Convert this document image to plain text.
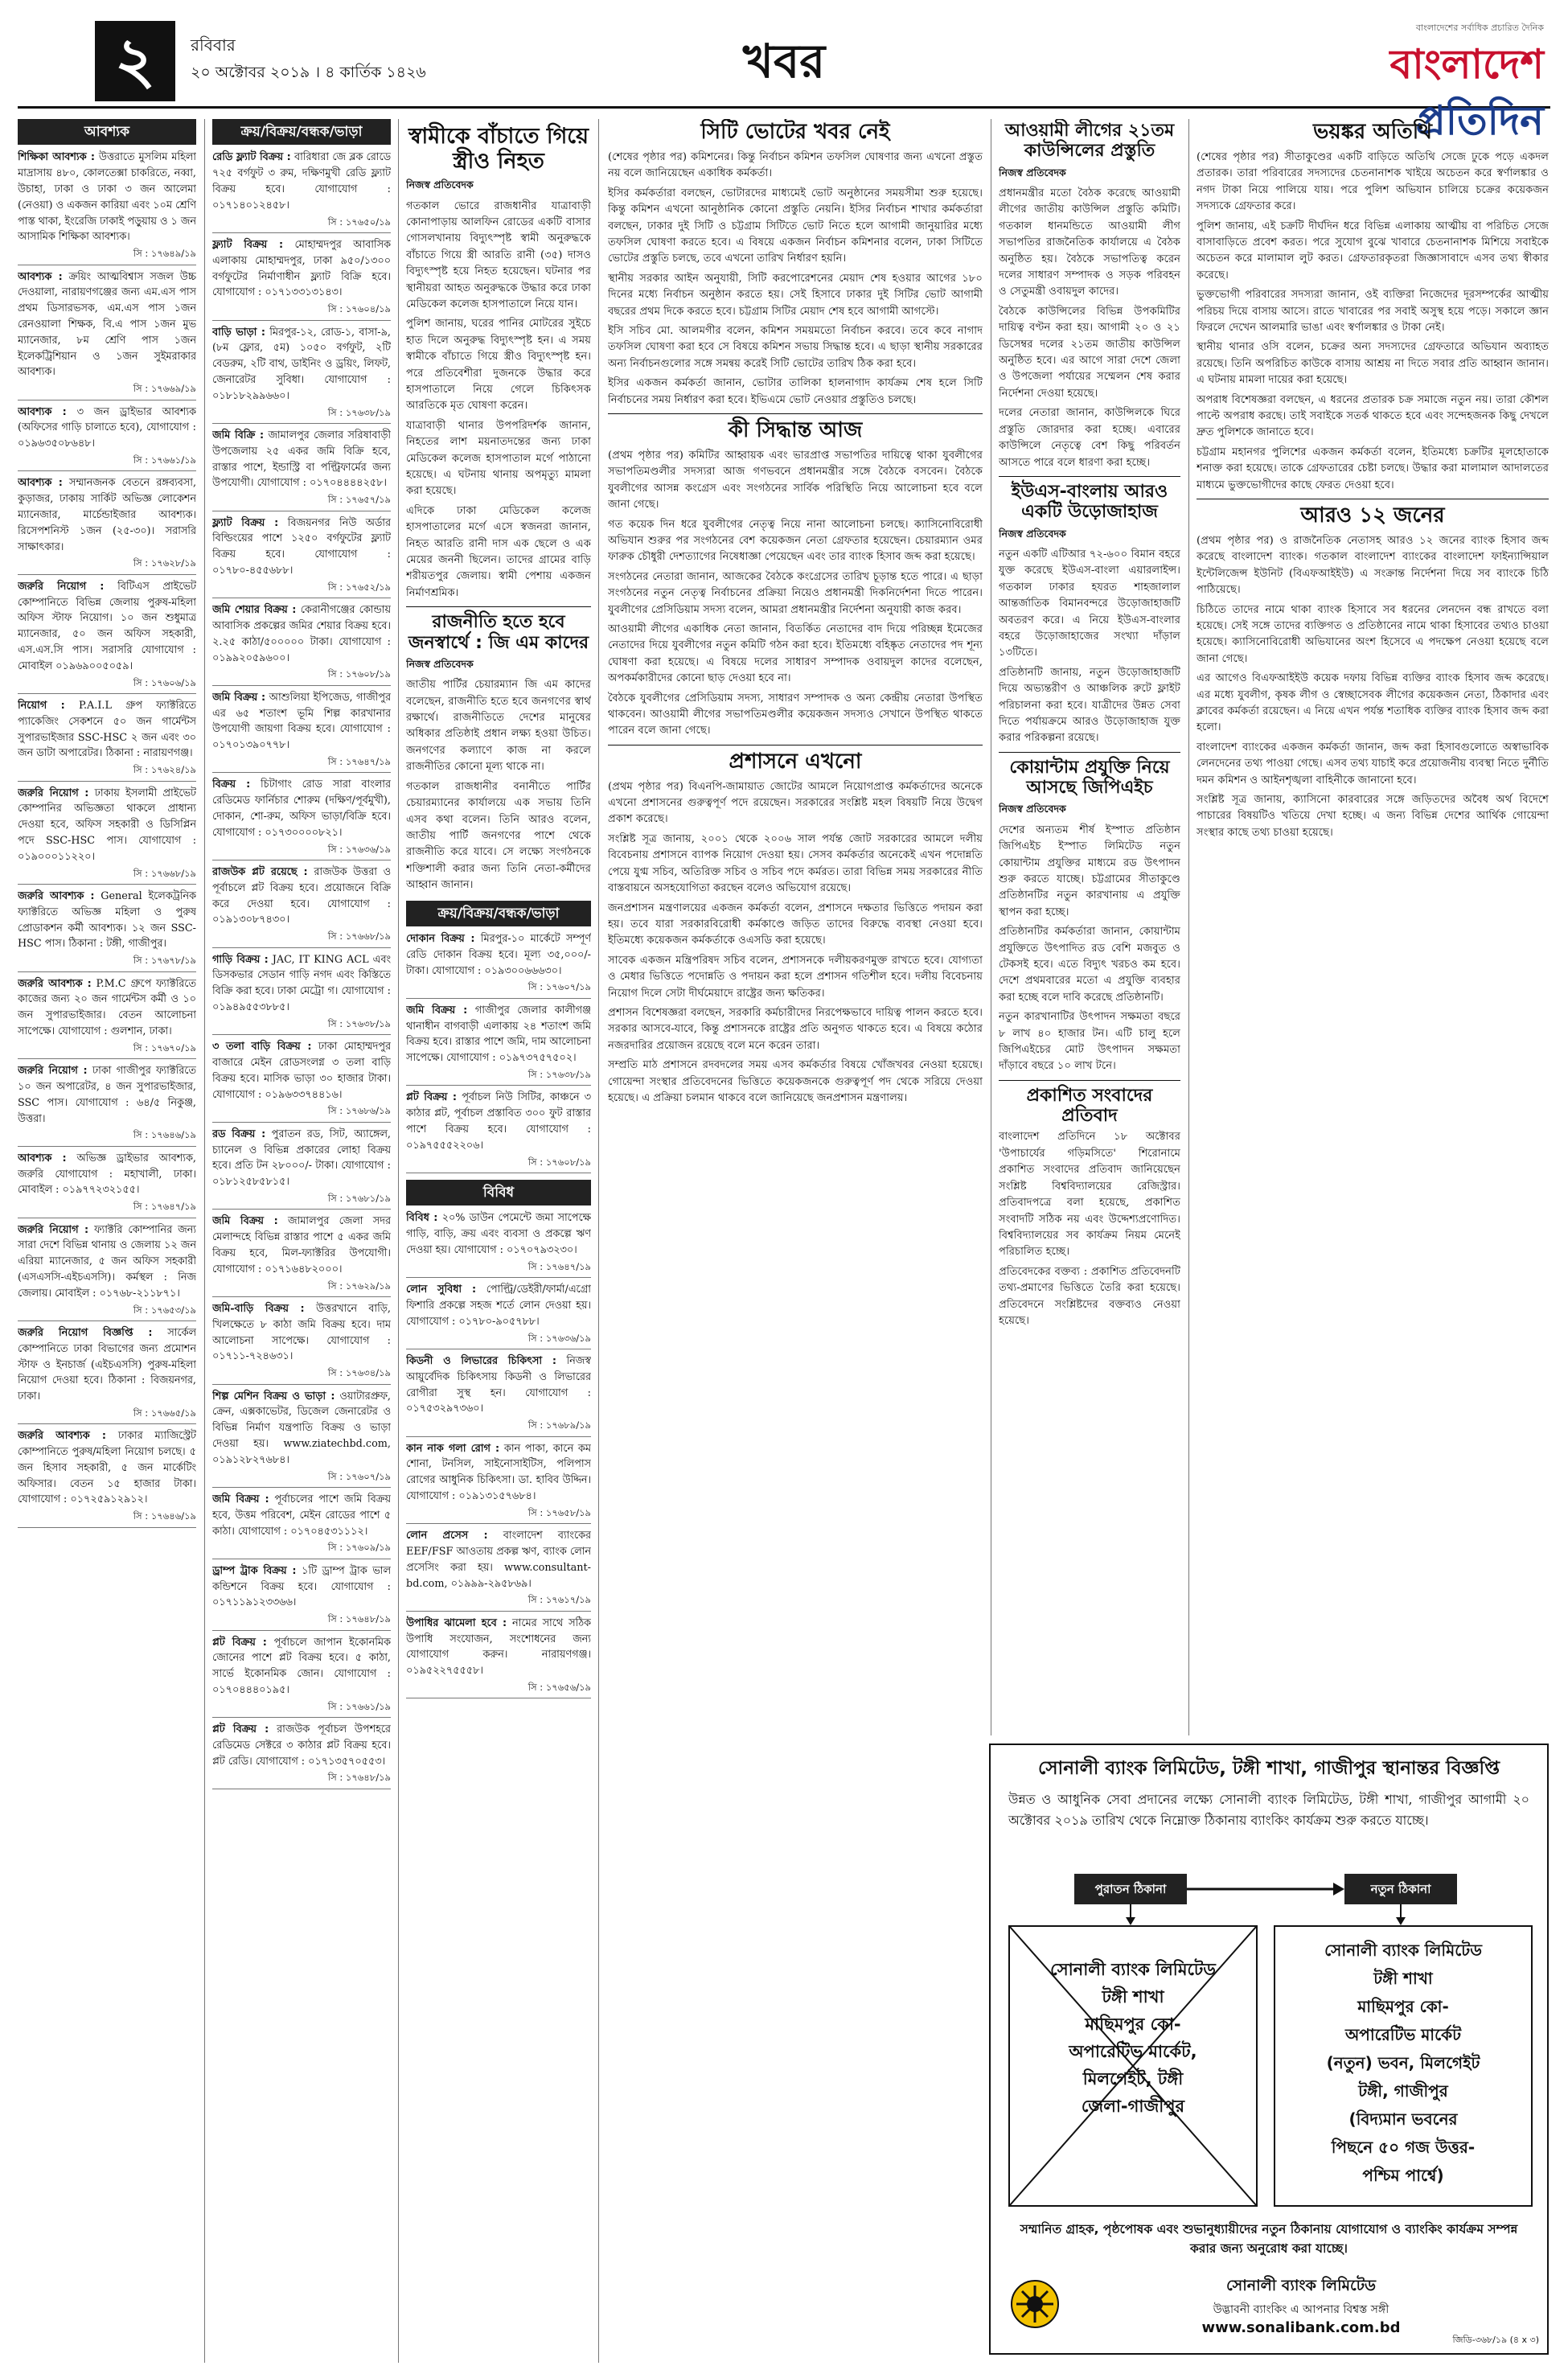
২	রবিবার
২০ অক্টোবর ২০১৯ । ৪ কার্তিক ১৪২৬	খবর
বাংলাদেশের সর্বাধিক প্রচারিত দৈনিক
বাংলাদেশ প্রতিদিন
আবশ্যক
শিক্ষিকা আবশ্যক : উত্তরাতে মুসলিম মহিলা মাদ্রাসায় ৪৮০, কোলতেক্সা চাকরিতে, নব্বা, উচাহা, ঢাকা ও ঢাকা ৩ জন আলেমা (নেওয়া) ও একজন কারিয়া এবং ১০ম শ্রেণি পাস্ত থাকা, ইংরেজি ঢাকাই পড়ুয়ায় ও ১ জন আসামিক শিক্ষিকা আবশ্যক।
সি : ১৭৬৪৯/১৯
আবশ্যক : ক্রয়িং আত্মবিশ্বাস সজল উচ্চ দেওয়ালা, নারায়ণগঞ্জের জন্য এম.এস পাস প্রথম ডিসারভসক, এম.এস পাস ১জন রেনওয়ালা শিক্ষক, বি.এ পাস ১জন মুভ ম্যানেজার, ৮ম শ্রেণি পাস ১জন ইলেকট্রিশিয়ান ও ১জন সুইমরাকার আবশ্যক।
সি : ১৭৬৬৯/১৯
আবশ্যক : ৩ জন ড্রাইভার আবশ্যক (অফিসের গাড়ি চালাতে হবে), যোগাযোগ : ০১৯৬৩৫০৮৬৪৮।
সি : ১৭৬৬১/১৯
আবশ্যক : সম্মানজনক বেতনে রঙ্গব্যবসা, কুড়াজর, ঢাকায় সার্কিট অভিজ্ঞ লোকেশন ম্যানেজার, মার্চেন্ডাইজার আবশ্যক। রিসেপশনিস্ট ১জন (২৫-৩০)। সরাসরি সাক্ষাৎকার।
সি : ১৭৬২৮/১৯
জরুরি নিয়োগ : বিটিএস প্রাইভেট কোম্পানিতে বিভিন্ন জেলায় পুরুষ-মহিলা অফিস স্টাফ নিয়োগ। ১০ জন শুধুমাত্র ম্যানেজার, ৫০ জন অফিস সহকারী, এস.এস.সি পাস। সরাসরি যোগাযোগ : মোবাইল ০১৯৬৯০০৫০৫৯।
সি : ১৭৬০৬/১৯
নিয়োগ : P.A.I.L গ্রুপ ফ্যাক্টরিতে প্যাকেজিং সেকশনে ৫০ জন গার্মেন্টস সুপারভাইজার SSC-HSC ২ জন এবং ৩০ জন ডাটা অপারেটর। ঠিকানা : নারায়ণগঞ্জ।
সি : ১৭৬২৪/১৯
জরুরি নিয়োগ : ঢাকায় ইসলামী প্রাইভেট কোম্পানির অভিজ্ঞতা থাকলে প্রাধান্য দেওয়া হবে, অফিস সহকারী ও ডিসিপ্লিন পদে SSC-HSC পাস। যোগাযোগ : ০১৯০০০১১২২০।
সি : ১৭৬৬৮/১৯
জরুরি আবশ্যক : General ইলেকট্রনিক ফ্যাক্টরিতে অভিজ্ঞ মহিলা ও পুরুষ প্রোডাকশন কর্মী আবশ্যক। ১২ জন SSC-HSC পাস। ঠিকানা : টঙ্গী, গাজীপুর।
সি : ১৭৬৭৮/১৯
জরুরি আবশ্যক : P.M.C গ্রুপে ফ্যাক্টরিতে কাজের জন্য ২০ জন গার্মেন্টস কর্মী ও ১০ জন সুপারভাইজার। বেতন আলোচনা সাপেক্ষে। যোগাযোগ : গুলশান, ঢাকা।
সি : ১৭৬৭০/১৯
জরুরি নিয়োগ : ঢাকা গাজীপুর ফ্যাক্টরিতে ১০ জন অপারেটর, ৪ জন সুপারভাইজার, SSC পাস। যোগাযোগ : ৬৪/৫ নিকুঞ্জ, উত্তরা।
সি : ১৭৬৪৬/১৯
আবশ্যক : অভিজ্ঞ ড্রাইভার আবশ্যক, জরুরি যোগাযোগ : মহাখালী, ঢাকা। মোবাইল : ০১৯৭৭২৩২১৫৫।
সি : ১৭৬৪৭/১৯
জরুরি নিয়োগ : ফ্যাক্টরি কোম্পানির জন্য সারা দেশে বিভিন্ন থানায় ও জেলায় ১২ জন এরিয়া ম্যানেজার, ৫ জন অফিস সহকারী (এসএসসি-এইচএসসি)। কর্মস্থল : নিজ জেলায়। মোবাইল : ০১৭৬৮-২১১৮৭১।
সি : ১৭৬৫৩/১৯
জরুরি নিয়োগ বিজ্ঞপ্তি : সার্কেল কোম্পানিতে ঢাকা বিভাগের জন্য প্রমোশন স্টাফ ও ইনচার্জ (এইচএসসি) পুরুষ-মহিলা নিয়োগ দেওয়া হবে। ঠিকানা : বিজয়নগর, ঢাকা।
সি : ১৭৬৬৫/১৯
জরুরি আবশ্যক : ঢাকার ম্যাজিস্ট্রেট কোম্পানিতে পুরুষ/মহিলা নিয়োগ চলছে। ৫ জন হিসাব সহকারী, ৫ জন মার্কেটিং অফিসার। বেতন ১৫ হাজার টাকা। যোগাযোগ : ০১৭২৫৯১২৯১২।
সি : ১৭৬৪৬/১৯
ক্রয়/বিক্রয়/বন্ধক/ভাড়া
রেডি ফ্ল্যাট বিক্রয় : বারিধারা জে ব্লক রোডে ৭২৫ বর্গফুট ৩ রুম, দক্ষিণমুখী রেডি ফ্ল্যাট বিক্রয় হবে। যোগাযোগ : ০১৭১৪০১২৪৫৮।
সি : ১৭৬৫০/১৯
ফ্ল্যাট বিক্রয় : মোহাম্মদপুর আবাসিক এলাকায় মোহাম্মদপুর, ঢাকা ৯৫০/১৩০০ বর্গফুটের নির্মাণাধীন ফ্ল্যাট বিক্রি হবে। যোগাযোগ : ০১৭১৩৩১৩১৪৩।
সি : ১৭৬০৪/১৯
বাড়ি ভাড়া : মিরপুর-১২, রোড-১, বাসা-৯, (৮ম ফ্লোর, ৫ম) ১০৫০ বর্গফুট, ২টি বেডরুম, ২টি বাথ, ডাইনিং ও ড্রয়িং, লিফট, জেনারেটর সুবিধা। যোগাযোগ : ০১৮১৮২৯৯৬৬০।
সি : ১৭৬৩৮/১৯
জমি বিক্রি : জামালপুর জেলার সরিষাবাড়ী উপজেলায় ২৫ একর জমি বিক্রি হবে, রাস্তার পাশে, ইন্ডাস্ট্রি বা পল্ট্রিফার্মের জন্য উপযোগী। যোগাযোগ : ০১৭০৪৪৪৪২৫৮।
সি : ১৭৬৫৭/১৯
ফ্ল্যাট বিক্রয় : বিজয়নগর নিউ অর্ডার বিল্ডিংয়ের পাশে ১২৫০ বর্গফুটের ফ্ল্যাট বিক্রয় হবে। যোগাযোগ : ০১৭৮০-৪৫৫৬৮৮।
সি : ১৭৬৫২/১৯
জমি শেয়ার বিক্রয় : কেরানীগঞ্জের কোন্ডায় আবাসিক প্রকল্পের জমির শেয়ার বিক্রয় হবে। ২.২৫ কাঠা/৫০০০০০ টাকা। যোগাযোগ : ০১৯৯২০৫৯৬০০।
সি : ১৭৬০৮/১৯
জমি বিক্রয় : আশুলিয়া ইপিজেড, গাজীপুর এর ৬৫ শতাংশ ভূমি শিল্প কারখানার উপযোগী জায়গা বিক্রয় হবে। যোগাযোগ : ০১৭০১৩৯০৭৭৮।
সি : ১৭৬৪৭/১৯
বিক্রয় : চিটাগাং রোড সারা বাংলার রেডিমেড ফার্নিচার শোরুম (দক্ষিণ/পূর্বমুখী), দোকান, শো-রুম, অফিস ভাড়া/বিক্রি হবে। যোগাযোগ : ০১৭৩০০০০৮২১।
সি : ১৭৬৩৬/১৯
রাজউক প্লট রয়েছে : রাজউক উত্তরা ও পূর্বাচলে প্লট বিক্রয় হবে। প্রয়োজনে বিক্রি করে দেওয়া হবে। যোগাযোগ : ০১৯১৩০৮৭৪৩০।
সি : ১৭৬৬৮/১৯
গাড়ি বিক্রয় : JAC, IT KING ACL এবং ডিসকভার সেডান গাড়ি নগদ এবং কিস্তিতে বিক্রি করা হবে। ঢাকা মেট্রো গ। যোগাযোগ : ০১৯৪৯৫৫৩৮৮৫।
সি : ১৭৬৩৮/১৯
৩ তলা বাড়ি বিক্রয় : ঢাকা মোহাম্মদপুর বাজারে মেইন রোডসংলগ্ন ৩ তলা বাড়ি বিক্রয় হবে। মাসিক ভাড়া ৩০ হাজার টাকা। যোগাযোগ : ০১৯৬৩৩৭৪৪১৬।
সি : ১৭৬৮৬/১৯
রড বিক্রয় : পুরাতন রড, সিট, অ্যাঙ্গেল, চ্যানেল ও বিভিন্ন প্রকারের লোহা বিক্রয় হবে। প্রতি টন ২৮০০০/- টাকা। যোগাযোগ : ০১৮১২৫৮৫৮১৫।
সি : ১৭৬৮১/১৯
জমি বিক্রয় : জামালপুর জেলা সদর মেলান্দহে বিভিন্ন রাস্তার পাশে ৫ একর জমি বিক্রয় হবে, মিল-ফ্যাক্টরির উপযোগী। যোগাযোগ : ০১৭১৬৪৮২০০০।
সি : ১৭৬২৯/১৯
জমি-বাড়ি বিক্রয় : উত্তরখানে বাড়ি, খিলক্ষেতে ৮ কাঠা জমি বিক্রয় হবে। দাম আলোচনা সাপেক্ষে। যোগাযোগ : ০১৭১১-৭২৪৬৩১।
সি : ১৭৬৩৪/১৯
শিল্প মেশিন বিক্রয় ও ভাড়া : ওয়াটারপ্রুফ, ক্রেন, এক্সকাভেটর, ডিজেল জেনারেটর ও বিভিন্ন নির্মাণ যন্ত্রপাতি বিক্রয় ও ভাড়া দেওয়া হয়। www.ziatechbd.com, ০১৯১২৮২৭৬৮৪।
সি : ১৭৬০৭/১৯
জমি বিক্রয় : পূর্বাচলের পাশে জমি বিক্রয় হবে, উত্তম পরিবেশ, মেইন রোডের পাশে ৫ কাঠা। যোগাযোগ : ০১৭০৪৫৩১১১২।
সি : ১৭৬০৯/১৯
ড্রাম্প ট্রাক বিক্রয় : ১টি ড্রাম্প ট্রাক ভাল কন্ডিশনে বিক্রয় হবে। যোগাযোগ : ০১৭১১৯১২৩৩৬৬।
সি : ১৭৬৪৮/১৯
প্লট বিক্রয় : পূর্বাচলে জাপান ইকোনমিক জোনের পাশে প্লট বিক্রয় হবে। ৫ কাঠা, সার্ভে ইকোনমিক জোন। যোগাযোগ : ০১৭০৪৪৪০১৯৫।
সি : ১৭৬৬১/১৯
প্লট বিক্রয় : রাজউক পূর্বাচল উপশহরে রেডিমেড সেক্টরে ৩ কাঠার প্লট বিক্রয় হবে। প্লট রেডি। যোগাযোগ : ০১৭১৩৫৭০৫৫৩।
সি : ১৭৬৪৮/১৯
স্বামীকে বাঁচাতে গিয়ে স্ত্রীও নিহত
নিজস্ব প্রতিবেদক

গতকাল ভোরে রাজধানীর যাত্রাবাড়ী কোনাপাড়ায় আলফিন রোডের একটি বাসার গোসলখানায় বিদ্যুৎস্পৃষ্ট স্বামী অনুরুদ্ধকে বাঁচাতে গিয়ে স্ত্রী আরতি রানী (৩৫) দাসও বিদ্যুৎস্পৃষ্ট হয়ে নিহত হয়েছেন। ঘটনার পর স্থানীয়রা আহত অনুরুদ্ধকে উদ্ধার করে ঢাকা মেডিকেল কলেজ হাসপাতালে নিয়ে যান।

পুলিশ জানায়, ঘরের পানির মোটরের সুইচে হাত দিলে অনুরুদ্ধ বিদ্যুৎস্পৃষ্ট হন। এ সময় স্বামীকে বাঁচাতে গিয়ে স্ত্রীও বিদ্যুৎস্পৃষ্ট হন। পরে প্রতিবেশীরা দুজনকে উদ্ধার করে হাসপাতালে নিয়ে গেলে চিকিৎসক আরতিকে মৃত ঘোষণা করেন।

যাত্রাবাড়ী থানার উপপরিদর্শক জানান, নিহতের লাশ ময়নাতদন্তের জন্য ঢাকা মেডিকেল কলেজ হাসপাতাল মর্গে পাঠানো হয়েছে। এ ঘটনায় থানায় অপমৃত্যু মামলা করা হয়েছে।

এদিকে ঢাকা মেডিকেল কলেজ হাসপাতালের মর্গে এসে স্বজনরা জানান, নিহত আরতি রানী দাস এক ছেলে ও এক মেয়ের জননী ছিলেন। তাদের গ্রামের বাড়ি শরীয়তপুর জেলায়। স্বামী পেশায় একজন নির্মাণশ্রমিক।

রাজনীতি হতে হবে জনস্বার্থে : জি এম কাদের
নিজস্ব প্রতিবেদক

জাতীয় পার্টির চেয়ারম্যান জি এম কাদের বলেছেন, রাজনীতি হতে হবে জনগণের স্বার্থ রক্ষার্থে। রাজনীতিতে দেশের মানুষের অধিকার প্রতিষ্ঠাই প্রধান লক্ষ্য হওয়া উচিত। জনগণের কল্যাণে কাজ না করলে রাজনীতির কোনো মূল্য থাকে না।

গতকাল রাজধানীর বনানীতে পার্টির চেয়ারম্যানের কার্যালয়ে এক সভায় তিনি এসব কথা বলেন। তিনি আরও বলেন, জাতীয় পার্টি জনগণের পাশে থেকে রাজনীতি করে যাবে। সে লক্ষ্যে সংগঠনকে শক্তিশালী করার জন্য তিনি নেতা-কর্মীদের আহ্বান জানান।

ক্রয়/বিক্রয়/বন্ধক/ভাড়া
দোকান বিক্রয় : মিরপুর-১০ মার্কেটে সম্পূর্ণ রেডি দোকান বিক্রয় হবে। মূল্য ৩৫,০০০/- টাকা। যোগাযোগ : ০১৯৩০০৬৬৬৩০।
সি : ১৭৬০৭/১৯
জমি বিক্রয় : গাজীপুর জেলার কালীগঞ্জ থানাধীন বাগবাড়ী এলাকায় ২৪ শতাংশ জমি বিক্রয় হবে। রাস্তার পাশে জমি, দাম আলোচনা সাপেক্ষে। যোগাযোগ : ০১৯৭৩৭৫৭৫০২।
সি : ১৭৬৩৮/১৯
প্লট বিক্রয় : পূর্বাচল নিউ সিটির, কাঞ্চনে ৩ কাঠার প্লট, পূর্বাচল প্রস্তাবিত ৩০০ ফুট রাস্তার পাশে বিক্রয় হবে। যোগাযোগ : ০১৯৭৫৫৫২২০৬।
সি : ১৭৬০৮/১৯
বিবিধ
বিবিধ : ২০% ডাউন পেমেন্টে জমা সাপেক্ষে গাড়ি, বাড়ি, ক্রয় এবং ব্যবসা ও প্রকল্পে ঋণ দেওয়া হয়। যোগাযোগ : ০১৭০৭৯৩২৩০।
সি : ১৭৬৪৭/১৯
লোন সুবিধা : পোল্ট্রি/ডেইরী/ফার্মা/এগ্রো ফিশারি প্রকল্পে সহজ শর্তে লোন দেওয়া হয়। যোগাযোগ : ০১৭৮০-৯০৫৭৮৮।
সি : ১৭৬৩৬/১৯
কিডনী ও লিভারের চিকিৎসা : নিজস্ব আয়ুর্বেদিক চিকিৎসায় কিডনী ও লিভারের রোগীরা সুস্থ হন। যোগাযোগ : ০১৭৫৩২৯৭৩৬০।
সি : ১৭৬৮৯/১৯
কান নাক গলা রোগ : কান পাকা, কানে কম শোনা, টনসিল, সাইনোসাইটিস, পলিপাস রোগের আধুনিক চিকিৎসা। ডা. হাবিব উদ্দিন। যোগাযোগ : ০১৯১৩১৫৭৬৮৪।
সি : ১৭৬৫৮/১৯
লোন প্রসেস : বাংলাদেশ ব্যাংকের EEF/FSF আওতায় প্রকল্প ঋণ, ব্যাংক লোন প্রসেসিং করা হয়। www.consultant-bd.com, ০১৯৯৯-২৯৫৮৬৯।
সি : ১৭৬১৭/১৯
উপাধির ঝামেলা হবে : নামের সাথে সঠিক উপাধি সংযোজন, সংশোধনের জন্য যোগাযোগ করুন। নারায়ণগঞ্জ। ০১৯৫২২৭৫৫৫৮।
সি : ১৭৬৫৬/১৯
সিটি ভোটের খবর নেই

(শেষের পৃষ্ঠার পর) কমিশনের। কিন্তু নির্বাচন কমিশন তফসিল ঘোষণার জন্য এখনো প্রস্তুত নয় বলে জানিয়েছেন একাধিক কর্মকর্তা।

ইসির কর্মকর্তারা বলছেন, ভোটারদের মাধ্যমেই ভোট অনুষ্ঠানের সময়সীমা শুরু হয়েছে। কিন্তু কমিশন এখনো আনুষ্ঠানিক কোনো প্রস্তুতি নেয়নি। ইসির নির্বাচন শাখার কর্মকর্তারা বলছেন, ঢাকার দুই সিটি ও চট্টগ্রাম সিটিতে ভোট নিতে হলে আগামী জানুয়ারির মধ্যে তফসিল ঘোষণা করতে হবে। এ বিষয়ে একজন নির্বাচন কমিশনার বলেন, ঢাকা সিটিতে ভোটের প্রস্তুতি চলছে, তবে এখনো তারিখ নির্ধারণ হয়নি।

স্থানীয় সরকার আইন অনুযায়ী, সিটি করপোরেশনের মেয়াদ শেষ হওয়ার আগের ১৮০ দিনের মধ্যে নির্বাচন অনুষ্ঠান করতে হয়। সেই হিসাবে ঢাকার দুই সিটির ভোট আগামী বছরের প্রথম দিকে করতে হবে। চট্টগ্রাম সিটির মেয়াদ শেষ হবে আগামী আগস্টে।

ইসি সচিব মো. আলমগীর বলেন, কমিশন সময়মতো নির্বাচন করবে। তবে কবে নাগাদ তফসিল ঘোষণা করা হবে সে বিষয়ে কমিশন সভায় সিদ্ধান্ত হবে। এ ছাড়া স্থানীয় সরকারের অন্য নির্বাচনগুলোর সঙ্গে সমন্বয় করেই সিটি ভোটের তারিখ ঠিক করা হবে।

ইসির একজন কর্মকর্তা জানান, ভোটার তালিকা হালনাগাদ কার্যক্রম শেষ হলে সিটি নির্বাচনের সময় নির্ধারণ করা হবে। ইভিএমে ভোট নেওয়ার প্রস্তুতিও চলছে।

কী সিদ্ধান্ত আজ

(প্রথম পৃষ্ঠার পর) কমিটির আহ্বায়ক এবং ভারপ্রাপ্ত সভাপতির দায়িত্বে থাকা যুবলীগের সভাপতিমণ্ডলীর সদস্যরা আজ গণভবনে প্রধানমন্ত্রীর সঙ্গে বৈঠকে বসবেন। বৈঠকে যুবলীগের আসন্ন কংগ্রেস এবং সংগঠনের সার্বিক পরিস্থিতি নিয়ে আলোচনা হবে বলে জানা গেছে।

গত কয়েক দিন ধরে যুবলীগের নেতৃত্ব নিয়ে নানা আলোচনা চলছে। ক্যাসিনোবিরোধী অভিযান শুরুর পর সংগঠনের বেশ কয়েকজন নেতা গ্রেফতার হয়েছেন। চেয়ারম্যান ওমর ফারুক চৌধুরী দেশত্যাগের নিষেধাজ্ঞা পেয়েছেন এবং তার ব্যাংক হিসাব জব্দ করা হয়েছে।

সংগঠনের নেতারা জানান, আজকের বৈঠকে কংগ্রেসের তারিখ চূড়ান্ত হতে পারে। এ ছাড়া সংগঠনের নতুন নেতৃত্ব নির্বাচনের প্রক্রিয়া নিয়েও প্রধানমন্ত্রী দিকনির্দেশনা দিতে পারেন। যুবলীগের প্রেসিডিয়াম সদস্য বলেন, আমরা প্রধানমন্ত্রীর নির্দেশনা অনুযায়ী কাজ করব।

আওয়ামী লীগের একাধিক নেতা জানান, বিতর্কিত নেতাদের বাদ দিয়ে পরিচ্ছন্ন ইমেজের নেতাদের দিয়ে যুবলীগের নতুন কমিটি গঠন করা হবে। ইতিমধ্যে বহিষ্কৃত নেতাদের পদ শূন্য ঘোষণা করা হয়েছে। এ বিষয়ে দলের সাধারণ সম্পাদক ওবায়দুল কাদের বলেছেন, অপকর্মকারীদের কোনো ছাড় দেওয়া হবে না।

বৈঠকে যুবলীগের প্রেসিডিয়াম সদস্য, সাধারণ সম্পাদক ও অন্য কেন্দ্রীয় নেতারা উপস্থিত থাকবেন। আওয়ামী লীগের সভাপতিমণ্ডলীর কয়েকজন সদস্যও সেখানে উপস্থিত থাকতে পারেন বলে জানা গেছে।

প্রশাসনে এখনো

(প্রথম পৃষ্ঠার পর) বিএনপি-জামায়াত জোটের আমলে নিয়োগপ্রাপ্ত কর্মকর্তাদের অনেকে এখনো প্রশাসনের গুরুত্বপূর্ণ পদে রয়েছেন। সরকারের সংশ্লিষ্ট মহল বিষয়টি নিয়ে উদ্বেগ প্রকাশ করেছে।

সংশ্লিষ্ট সূত্র জানায়, ২০০১ থেকে ২০০৬ সাল পর্যন্ত জোট সরকারের আমলে দলীয় বিবেচনায় প্রশাসনে ব্যাপক নিয়োগ দেওয়া হয়। সেসব কর্মকর্তার অনেকেই এখন পদোন্নতি পেয়ে যুগ্ম সচিব, অতিরিক্ত সচিব ও সচিব পদে কর্মরত। তারা বিভিন্ন সময় সরকারের নীতি বাস্তবায়নে অসহযোগিতা করছেন বলেও অভিযোগ রয়েছে।

জনপ্রশাসন মন্ত্রণালয়ের একজন কর্মকর্তা বলেন, প্রশাসনে দক্ষতার ভিত্তিতে পদায়ন করা হয়। তবে যারা সরকারবিরোধী কর্মকাণ্ডে জড়িত তাদের বিরুদ্ধে ব্যবস্থা নেওয়া হবে। ইতিমধ্যে কয়েকজন কর্মকর্তাকে ওএসডি করা হয়েছে।

সাবেক একজন মন্ত্রিপরিষদ সচিব বলেন, প্রশাসনকে দলীয়করণমুক্ত রাখতে হবে। যোগ্যতা ও মেধার ভিত্তিতে পদোন্নতি ও পদায়ন করা হলে প্রশাসন গতিশীল হবে। দলীয় বিবেচনায় নিয়োগ দিলে সেটা দীর্ঘমেয়াদে রাষ্ট্রের জন্য ক্ষতিকর।

প্রশাসন বিশেষজ্ঞরা বলছেন, সরকারি কর্মচারীদের নিরপেক্ষভাবে দায়িত্ব পালন করতে হবে। সরকার আসবে-যাবে, কিন্তু প্রশাসনকে রাষ্ট্রের প্রতি অনুগত থাকতে হবে। এ বিষয়ে কঠোর নজরদারির প্রয়োজন রয়েছে বলে মনে করেন তারা।

সম্প্রতি মাঠ প্রশাসনে রদবদলের সময় এসব কর্মকর্তার বিষয়ে খোঁজখবর নেওয়া হয়েছে। গোয়েন্দা সংস্থার প্রতিবেদনের ভিত্তিতে কয়েকজনকে গুরুত্বপূর্ণ পদ থেকে সরিয়ে দেওয়া হয়েছে। এ প্রক্রিয়া চলমান থাকবে বলে জানিয়েছে জনপ্রশাসন মন্ত্রণালয়।

আওয়ামী লীগের ২১তম কাউন্সিলের প্রস্তুতি
নিজস্ব প্রতিবেদক

প্রধানমন্ত্রীর মতো বৈঠক করেছে আওয়ামী লীগের জাতীয় কাউন্সিল প্রস্তুতি কমিটি। গতকাল ধানমন্ডিতে আওয়ামী লীগ সভাপতির রাজনৈতিক কার্যালয়ে এ বৈঠক অনুষ্ঠিত হয়। বৈঠকে সভাপতিত্ব করেন দলের সাধারণ সম্পাদক ও সড়ক পরিবহন ও সেতুমন্ত্রী ওবায়দুল কাদের।

বৈঠকে কাউন্সিলের বিভিন্ন উপকমিটির দায়িত্ব বণ্টন করা হয়। আগামী ২০ ও ২১ ডিসেম্বর দলের ২১তম জাতীয় কাউন্সিল অনুষ্ঠিত হবে। এর আগে সারা দেশে জেলা ও উপজেলা পর্যায়ের সম্মেলন শেষ করার নির্দেশনা দেওয়া হয়েছে।

দলের নেতারা জানান, কাউন্সিলকে ঘিরে প্রস্তুতি জোরদার করা হচ্ছে। এবারের কাউন্সিলে নেতৃত্বে বেশ কিছু পরিবর্তন আসতে পারে বলে ধারণা করা হচ্ছে।

ইউএস-বাংলায় আরও একটি উড়োজাহাজ
নিজস্ব প্রতিবেদক

নতুন একটি এটিআর ৭২-৬০০ বিমান বহরে যুক্ত করেছে ইউএস-বাংলা এয়ারলাইন্স। গতকাল ঢাকার হযরত শাহজালাল আন্তর্জাতিক বিমানবন্দরে উড়োজাহাজটি অবতরণ করে। এ নিয়ে ইউএস-বাংলার বহরে উড়োজাহাজের সংখ্যা দাঁড়াল ১৩টিতে।

প্রতিষ্ঠানটি জানায়, নতুন উড়োজাহাজটি দিয়ে অভ্যন্তরীণ ও আঞ্চলিক রুটে ফ্লাইট পরিচালনা করা হবে। যাত্রীদের উন্নত সেবা দিতে পর্যায়ক্রমে আরও উড়োজাহাজ যুক্ত করার পরিকল্পনা রয়েছে।

কোয়ান্টাম প্রযুক্তি নিয়ে আসছে জিপিএইচ
নিজস্ব প্রতিবেদক

দেশের অন্যতম শীর্ষ ইস্পাত প্রতিষ্ঠান জিপিএইচ ইস্পাত লিমিটেড নতুন কোয়ান্টাম প্রযুক্তির মাধ্যমে রড উৎপাদন শুরু করতে যাচ্ছে। চট্টগ্রামের সীতাকুণ্ডে প্রতিষ্ঠানটির নতুন কারখানায় এ প্রযুক্তি স্থাপন করা হচ্ছে।

প্রতিষ্ঠানটির কর্মকর্তারা জানান, কোয়ান্টাম প্রযুক্তিতে উৎপাদিত রড বেশি মজবুত ও টেকসই হবে। এতে বিদ্যুৎ খরচও কম হবে। দেশে প্রথমবারের মতো এ প্রযুক্তি ব্যবহার করা হচ্ছে বলে দাবি করেছে প্রতিষ্ঠানটি।

নতুন কারখানাটির উৎপাদন সক্ষমতা বছরে ৮ লাখ ৪০ হাজার টন। এটি চালু হলে জিপিএইচের মোট উৎপাদন সক্ষমতা দাঁড়াবে বছরে ১০ লাখ টনে।

প্রকাশিত সংবাদের প্রতিবাদ

বাংলাদেশ প্রতিদিনে ১৮ অক্টোবর 'উপাচার্যের গড়িমসিতে' শিরোনামে প্রকাশিত সংবাদের প্রতিবাদ জানিয়েছেন সংশ্লিষ্ট বিশ্ববিদ্যালয়ের রেজিস্ট্রার। প্রতিবাদপত্রে বলা হয়েছে, প্রকাশিত সংবাদটি সঠিক নয় এবং উদ্দেশ্যপ্রণোদিত। বিশ্ববিদ্যালয়ের সব কার্যক্রম নিয়ম মেনেই পরিচালিত হচ্ছে।

প্রতিবেদকের বক্তব্য : প্রকাশিত প্রতিবেদনটি তথ্য-প্রমাণের ভিত্তিতে তৈরি করা হয়েছে। প্রতিবেদনে সংশ্লিষ্টদের বক্তব্যও নেওয়া হয়েছে।

ভয়ঙ্কর অতিথি

(শেষের পৃষ্ঠার পর) সীতাকুণ্ডের একটি বাড়িতে অতিথি সেজে ঢুকে পড়ে একদল প্রতারক। তারা পরিবারের সদস্যদের চেতনানাশক খাইয়ে অচেতন করে স্বর্ণালঙ্কার ও নগদ টাকা নিয়ে পালিয়ে যায়। পরে পুলিশ অভিযান চালিয়ে চক্রের কয়েকজন সদস্যকে গ্রেফতার করে।

পুলিশ জানায়, এই চক্রটি দীর্ঘদিন ধরে বিভিন্ন এলাকায় আত্মীয় বা পরিচিত সেজে বাসাবাড়িতে প্রবেশ করত। পরে সুযোগ বুঝে খাবারে চেতনানাশক মিশিয়ে সবাইকে অচেতন করে মালামাল লুট করত। গ্রেফতারকৃতরা জিজ্ঞাসাবাদে এসব তথ্য স্বীকার করেছে।

ভুক্তভোগী পরিবারের সদস্যরা জানান, ওই ব্যক্তিরা নিজেদের দূরসম্পর্কের আত্মীয় পরিচয় দিয়ে বাসায় আসে। রাতে খাবারের পর সবাই অসুস্থ হয়ে পড়ে। সকালে জ্ঞান ফিরলে দেখেন আলমারি ভাঙা এবং স্বর্ণালঙ্কার ও টাকা নেই।

স্থানীয় থানার ওসি বলেন, চক্রের অন্য সদস্যদের গ্রেফতারে অভিযান অব্যাহত রয়েছে। তিনি অপরিচিত কাউকে বাসায় আশ্রয় না দিতে সবার প্রতি আহ্বান জানান। এ ঘটনায় মামলা দায়ের করা হয়েছে।

অপরাধ বিশেষজ্ঞরা বলছেন, এ ধরনের প্রতারক চক্র সমাজে নতুন নয়। তারা কৌশল পাল্টে অপরাধ করছে। তাই সবাইকে সতর্ক থাকতে হবে এবং সন্দেহজনক কিছু দেখলে দ্রুত পুলিশকে জানাতে হবে।

চট্টগ্রাম মহানগর পুলিশের একজন কর্মকর্তা বলেন, ইতিমধ্যে চক্রটির মূলহোতাকে শনাক্ত করা হয়েছে। তাকে গ্রেফতারের চেষ্টা চলছে। উদ্ধার করা মালামাল আদালতের মাধ্যমে ভুক্তভোগীদের কাছে ফেরত দেওয়া হবে।

আরও ১২ জনের

(প্রথম পৃষ্ঠার পর) ও রাজনৈতিক নেতাসহ আরও ১২ জনের ব্যাংক হিসাব জব্দ করেছে বাংলাদেশ ব্যাংক। গতকাল বাংলাদেশ ব্যাংকের বাংলাদেশ ফাইন্যান্সিয়াল ইন্টেলিজেন্স ইউনিট (বিএফআইইউ) এ সংক্রান্ত নির্দেশনা দিয়ে সব ব্যাংকে চিঠি পাঠিয়েছে।

চিঠিতে তাদের নামে থাকা ব্যাংক হিসাবে সব ধরনের লেনদেন বন্ধ রাখতে বলা হয়েছে। সেই সঙ্গে তাদের ব্যক্তিগত ও প্রতিষ্ঠানের নামে থাকা হিসাবের তথ্যও চাওয়া হয়েছে। ক্যাসিনোবিরোধী অভিযানের অংশ হিসেবে এ পদক্ষেপ নেওয়া হয়েছে বলে জানা গেছে।

এর আগেও বিএফআইইউ কয়েক দফায় বিভিন্ন ব্যক্তির ব্যাংক হিসাব জব্দ করেছে। এর মধ্যে যুবলীগ, কৃষক লীগ ও স্বেচ্ছাসেবক লীগের কয়েকজন নেতা, ঠিকাদার এবং ক্লাবের কর্মকর্তা রয়েছেন। এ নিয়ে এখন পর্যন্ত শতাধিক ব্যক্তির ব্যাংক হিসাব জব্দ করা হলো।

বাংলাদেশ ব্যাংকের একজন কর্মকর্তা জানান, জব্দ করা হিসাবগুলোতে অস্বাভাবিক লেনদেনের তথ্য পাওয়া গেছে। এসব তথ্য যাচাই করে প্রয়োজনীয় ব্যবস্থা নিতে দুর্নীতি দমন কমিশন ও আইনশৃঙ্খলা বাহিনীকে জানানো হবে।

সংশ্লিষ্ট সূত্র জানায়, ক্যাসিনো কারবারের সঙ্গে জড়িতদের অবৈধ অর্থ বিদেশে পাচারের বিষয়টিও খতিয়ে দেখা হচ্ছে। এ জন্য বিভিন্ন দেশের আর্থিক গোয়েন্দা সংস্থার কাছে তথ্য চাওয়া হয়েছে।

সোনালী ব্যাংক লিমিটেড, টঙ্গী শাখা, গাজীপুর স্থানান্তর বিজ্ঞপ্তি
উন্নত ও আধুনিক সেবা প্রদানের লক্ষ্যে সোনালী ব্যাংক লিমিটেড, টঙ্গী শাখা, গাজীপুর আগামী ২০ অক্টোবর ২০১৯ তারিখ থেকে নিম্নোক্ত ঠিকানায় ব্যাংকিং কার্যক্রম শুরু করতে যাচ্ছে।
পুরাতন ঠিকানা	নতুন ঠিকানা
সোনালী ব্যাংক লিমিটেড
টঙ্গী শাখা
মাছিমপুর কো-
অপারেটিভ মার্কেট,
মিলগেইট, টঙ্গী
জেলা-গাজীপুর
সোনালী ব্যাংক লিমিটেড
টঙ্গী শাখা
মাছিমপুর কো-
অপারেটিভ মার্কেট
(নতুন) ভবন, মিলগেইট
টঙ্গী, গাজীপুর
(বিদ্যমান ভবনের
পিছনে ৫০ গজ উত্তর-
পশ্চিম পার্শ্বে)
সম্মানিত গ্রাহক, পৃষ্ঠপোষক এবং শুভানুধ্যায়ীদের নতুন ঠিকানায় যোগাযোগ ও ব্যাংকিং কার্যক্রম সম্পন্ন করার জন্য অনুরোধ করা যাচ্ছে।
সোনালী ব্যাংক লিমিটেড
উদ্ভাবনী ব্যাংকিং এ আপনার বিশ্বস্ত সঙ্গী
www.sonalibank.com.bd
জিডি-৩৬৮/১৯ (৪ x ৩)
